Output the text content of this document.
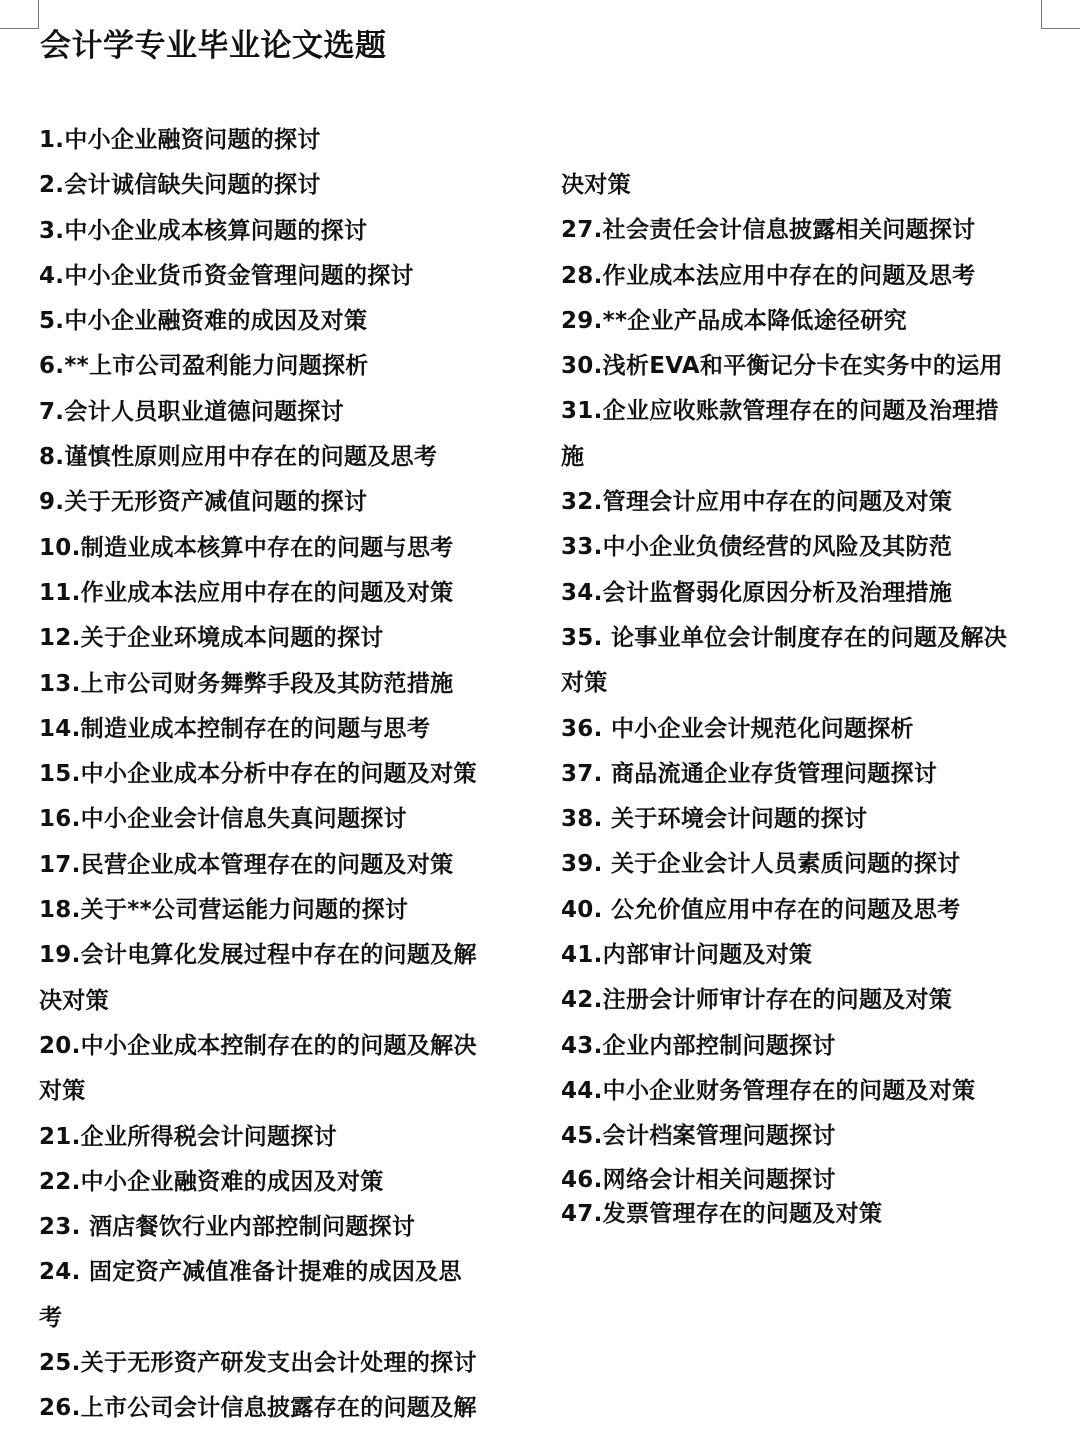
会计学专业毕业论文选题
1.中小企业融资问题的探讨
2.会计诚信缺失问题的探讨
3.中小企业成本核算问题的探讨
4.中小企业货币资金管理问题的探讨
5.中小企业融资难的成因及对策
6.**上市公司盈利能力问题探析
7.会计人员职业道德问题探讨
8.谨慎性原则应用中存在的问题及思考
9.关于无形资产减值问题的探讨
10.制造业成本核算中存在的问题与思考
11.作业成本法应用中存在的问题及对策
12.关于企业环境成本问题的探讨
13.上市公司财务舞弊手段及其防范措施
14.制造业成本控制存在的问题与思考
15.中小企业成本分析中存在的问题及对策
16.中小企业会计信息失真问题探讨
17.民营企业成本管理存在的问题及对策
18.关于**公司营运能力问题的探讨
19.会计电算化发展过程中存在的问题及解
决对策
20.中小企业成本控制存在的的问题及解决
对策
21.企业所得税会计问题探讨
22.中小企业融资难的成因及对策
23. 酒店餐饮行业内部控制问题探讨
24. 固定资产减值准备计提难的成因及思
考
25.关于无形资产研发支出会计处理的探讨
26.上市公司会计信息披露存在的问题及解
决对策
27.社会责任会计信息披露相关问题探讨
28.作业成本法应用中存在的问题及思考
29.**企业产品成本降低途径研究
30.浅析EVA和平衡记分卡在实务中的运用
31.企业应收账款管理存在的问题及治理措
施
32.管理会计应用中存在的问题及对策
33.中小企业负债经营的风险及其防范
34.会计监督弱化原因分析及治理措施
35. 论事业单位会计制度存在的问题及解决
对策
36. 中小企业会计规范化问题探析
37. 商品流通企业存货管理问题探讨
38. 关于环境会计问题的探讨
39. 关于企业会计人员素质问题的探讨
40. 公允价值应用中存在的问题及思考
41.内部审计问题及对策
42.注册会计师审计存在的问题及对策
43.企业内部控制问题探讨
44.中小企业财务管理存在的问题及对策
45.会计档案管理问题探讨
46.网络会计相关问题探讨
47.发票管理存在的问题及对策
